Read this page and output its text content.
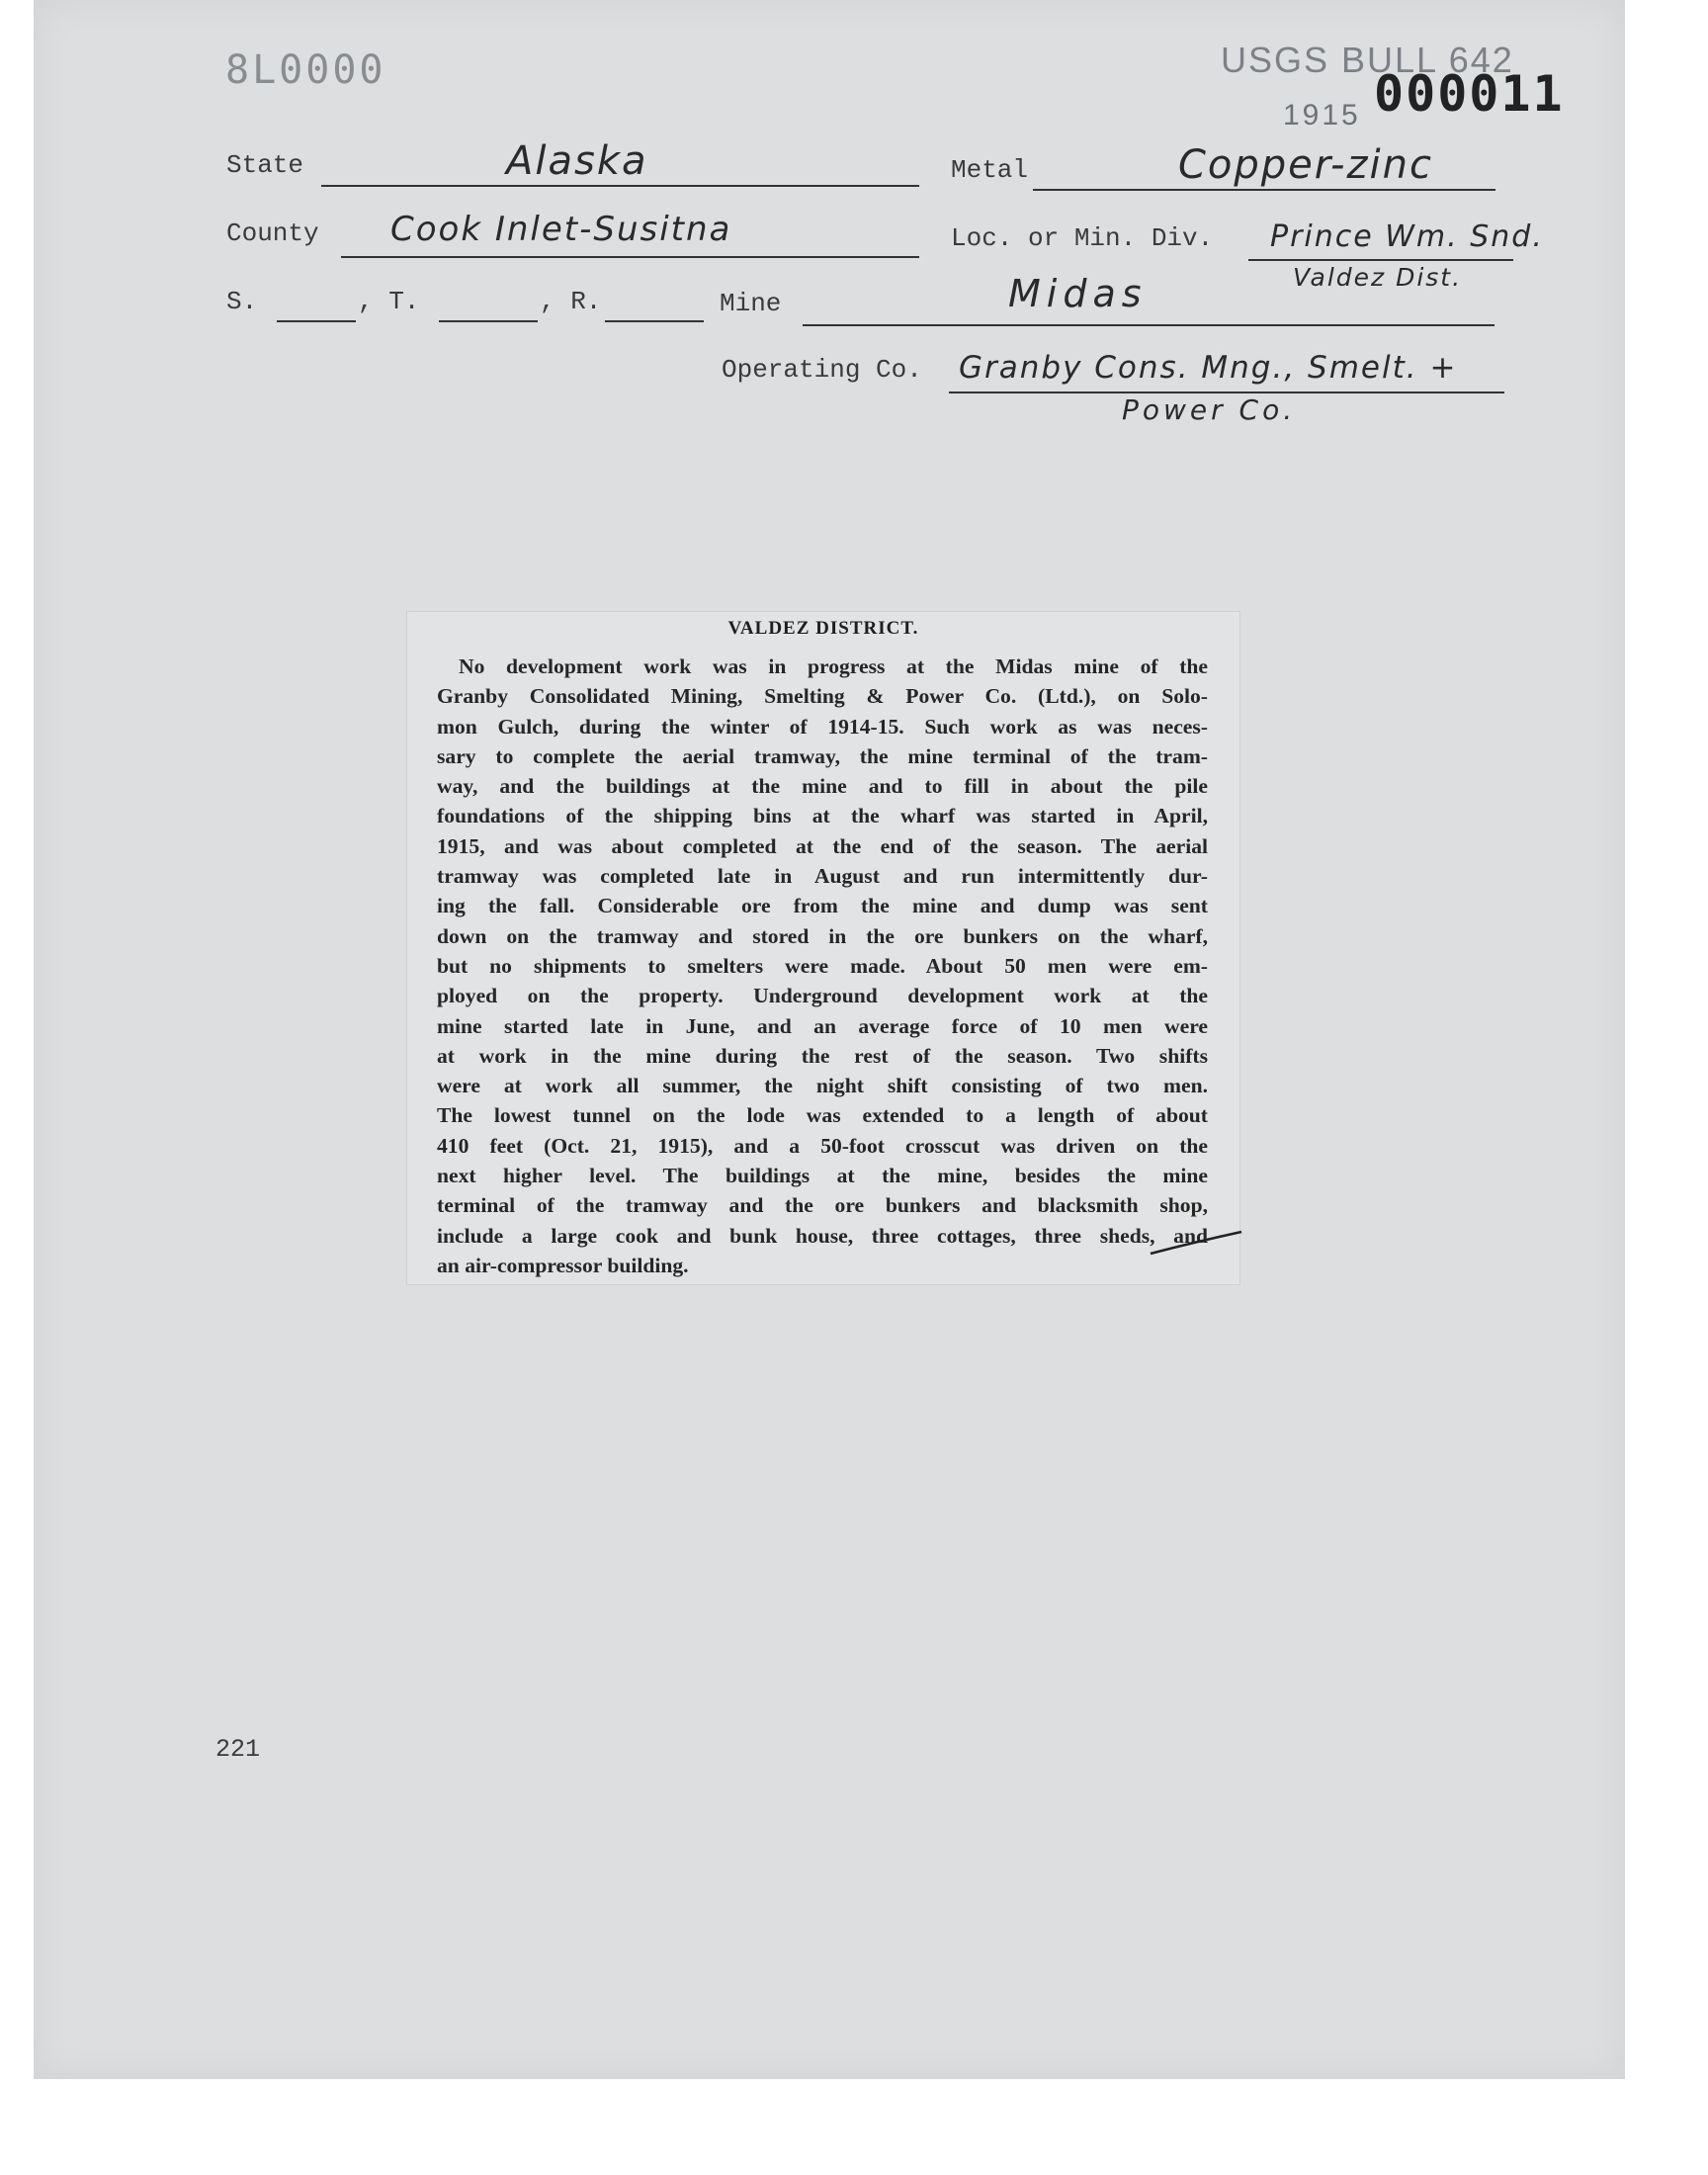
8L0000	USGS BULL 642
1915 000011
State	Alaska	Metal	Copper-zinc
County Cook Inlet-Susitna	Loc. or Min. Div. Prince Wm. Snd.
Valdez Dist.
S.	, T.	, R.	Mine	Midas
Operating Co. Granby Cons. Mng., Smelt. +
Power Co.
VALDEZ DISTRICT.
No development work was in progress at the Midas mine of the
Granby Consolidated Mining, Smelting & Power Co. (Ltd.), on Solo-
mon Gulch, during the winter of 1914-15. Such work as was neces-
sary to complete the aerial tramway, the mine terminal of the tram-
way, and the buildings at the mine and to fill in about the pile
foundations of the shipping bins at the wharf was started in April,
1915, and was about completed at the end of the season. The aerial
tramway was completed late in August and run intermittently dur-
ing the fall. Considerable ore from the mine and dump was sent
down on the tramway and stored in the ore bunkers on the wharf,
but no shipments to smelters were made. About 50 men were em-
ployed on the property. Underground development work at the
mine started late in June, and an average force of 10 men were
at work in the mine during the rest of the season. Two shifts
were at work all summer, the night shift consisting of two men.
The lowest tunnel on the lode was extended to a length of about
410 feet (Oct. 21, 1915), and a 50-foot crosscut was driven on the
next higher level. The buildings at the mine, besides the mine
terminal of the tramway and the ore bunkers and blacksmith shop,
include a large cook and bunk house, three cottages, three sheds, and
an air-compressor building.
221
